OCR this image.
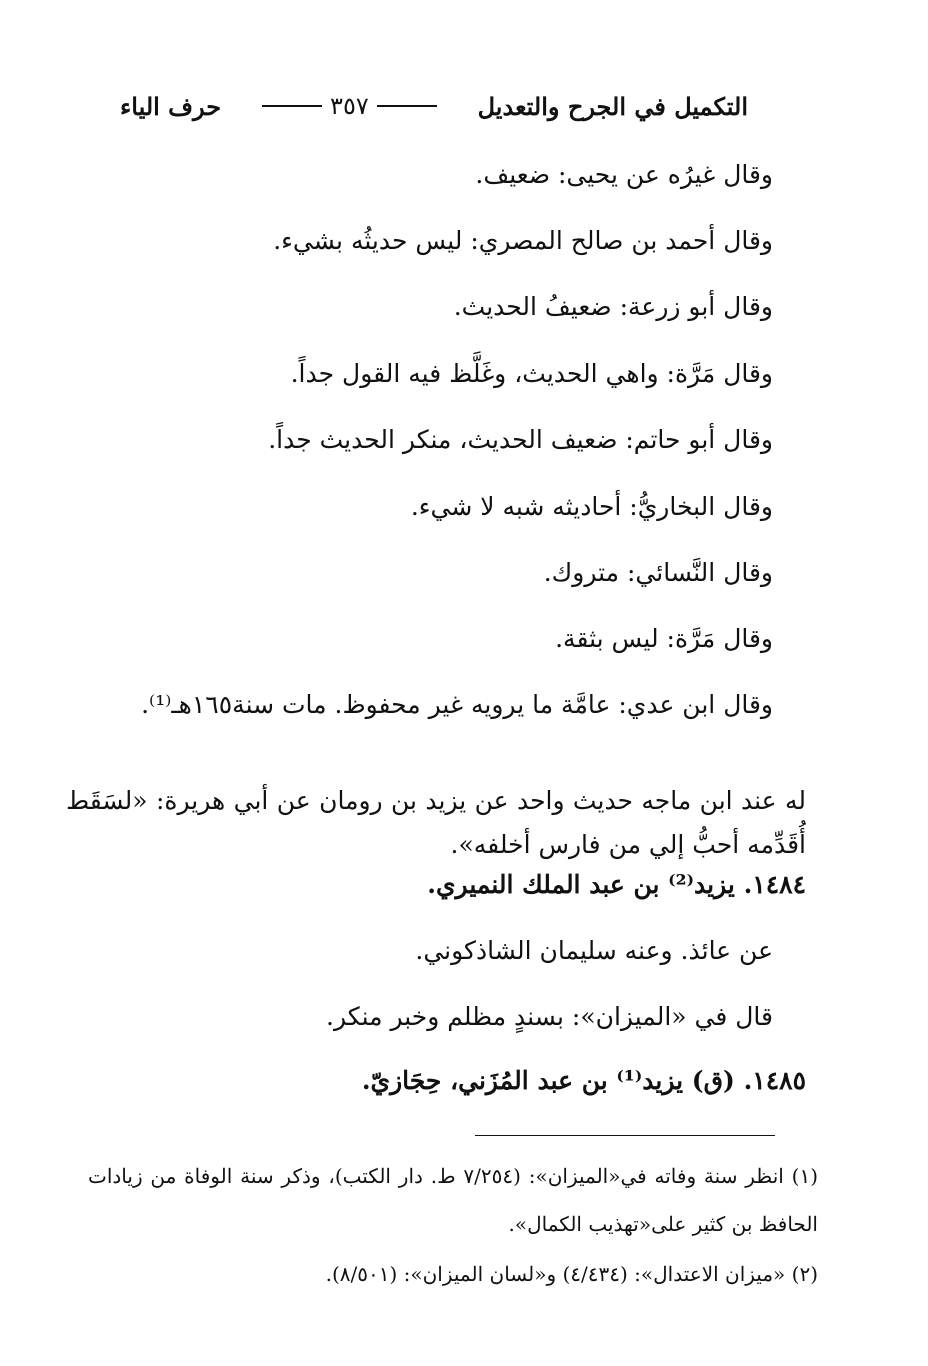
التكميل في الجرح والتعديل
٣٥٧
حرف الياء

وقال غيرُه عن يحيى: ضعيف.

وقال أحمد بن صالح المصري: ليس حديثُه بشيء.

وقال أبو زرعة: ضعيفُ الحديث.

وقال مَرَّة: واهي الحديث، وغَلَّظ فيه القول جداً.

وقال أبو حاتم: ضعيف الحديث، منكر الحديث جداً.

وقال البخاريُّ: أحاديثه شبه لا شيء.

وقال النَّسائي: متروك.

وقال مَرَّة: ليس بثقة.

وقال ابن عدي: عامَّة ما يرويه غير محفوظ. مات سنة١٦٥هـ⁽¹⁾.

له عند ابن ماجه حديث واحد عن يزيد بن رومان عن أبي هريرة: «لسَقَط أُقَدِّمه أحبُّ إلي من فارس أخلفه».

١٤٨٤. يزيد⁽²⁾ بن عبد الملك النميري.

عن عائذ. وعنه سليمان الشاذكوني.

قال في «الميزان»: بسندٍ مظلم وخبر منكر.

١٤٨٥. (ق) يزيد⁽¹⁾ بن عبد المُزَني، حِجَازيّ.

(١) انظر سنة وفاته في«الميزان»: (٧/٢٥٤ ط. دار الكتب)، وذكر سنة الوفاة من زيادات الحافظ بن كثير على«تهذيب الكمال».

(٢) «ميزان الاعتدال»: (٤/٤٣٤) و«لسان الميزان»: (٨/٥٠١).
